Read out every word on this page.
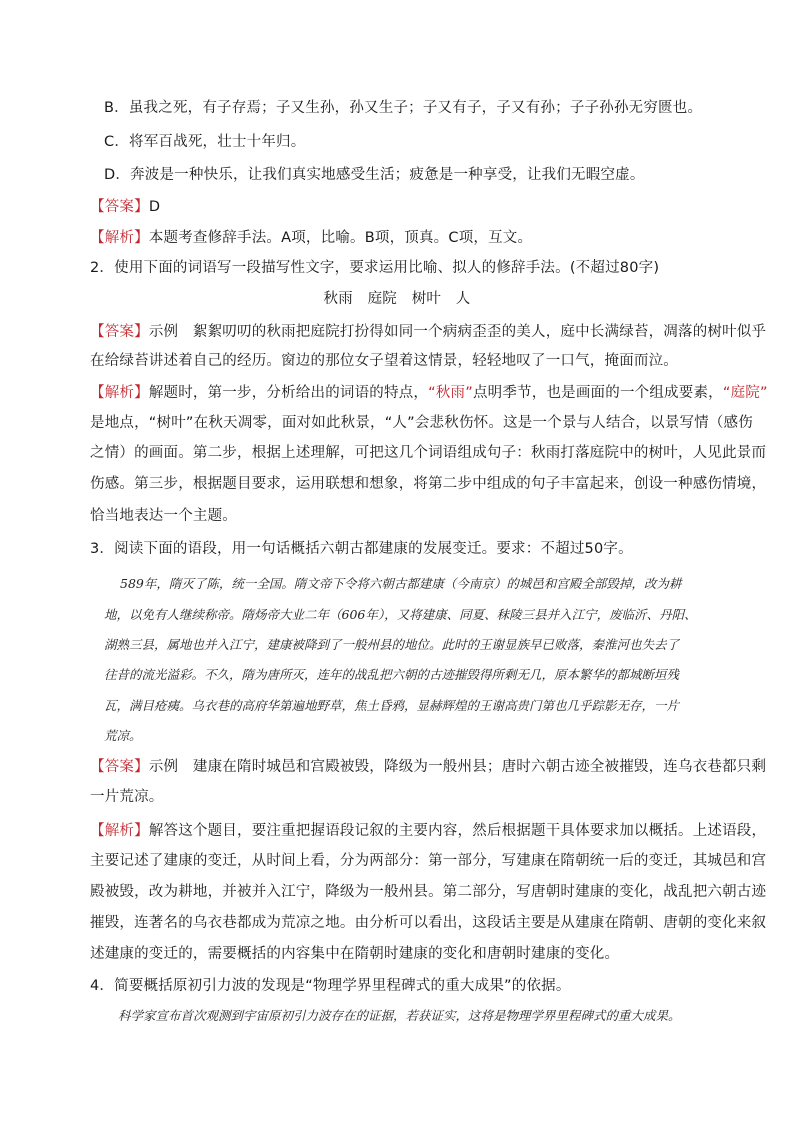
B．虽我之死，有子存焉；子又生孙，孙又生子；子又有子，子又有孙；子子孙孙无穷匮也。
C．将军百战死，壮士十年归。
D．奔波是一种快乐，让我们真实地感受生活；疲惫是一种享受，让我们无暇空虚。
【答案】D
【解析】本题考查修辞手法。A项，比喻。B项，顶真。C项，互文。
2．使用下面的词语写一段描写性文字，要求运用比喻、拟人的修辞手法。(不超过80字)
秋雨　庭院　树叶　人
【答案】示例　絮絮叨叨的秋雨把庭院打扮得如同一个病病歪歪的美人，庭中长满绿苔，凋落的树叶似乎
在给绿苔讲述着自己的经历。窗边的那位女子望着这情景，轻轻地叹了一口气，掩面而泣。
【解析】解题时，第一步，分析给出的词语的特点，“秋雨”点明季节，也是画面的一个组成要素，“庭院”
是地点，“树叶”在秋天凋零，面对如此秋景，“人”会悲秋伤怀。这是一个景与人结合，以景写情（感伤
之情）的画面。第二步，根据上述理解，可把这几个词语组成句子：秋雨打落庭院中的树叶，人见此景而
伤感。第三步，根据题目要求，运用联想和想象，将第二步中组成的句子丰富起来，创设一种感伤情境，
恰当地表达一个主题。
3．阅读下面的语段，用一句话概括六朝古都建康的发展变迁。要求：不超过50字。
589年，隋灭了陈，统一全国。隋文帝下令将六朝古都建康（今南京）的城邑和宫殿全部毁掉，改为耕
地，以免有人继续称帝。隋炀帝大业二年（606年），又将建康、同夏、秣陵三县并入江宁，废临沂、丹阳、
湖熟三县，属地也并入江宁，建康被降到了一般州县的地位。此时的王谢显族早已败落，秦淮河也失去了
往昔的流光溢彩。不久，隋为唐所灭，连年的战乱把六朝的古迹摧毁得所剩无几，原本繁华的都城断垣残
瓦，满目疮痍。乌衣巷的高府华第遍地野草，焦土昏鸦，显赫辉煌的王谢高贵门第也几乎踪影无存，一片
荒凉。
【答案】示例　建康在隋时城邑和宫殿被毁，降级为一般州县；唐时六朝古迹全被摧毁，连乌衣巷都只剩
一片荒凉。
【解析】解答这个题目，要注重把握语段记叙的主要内容，然后根据题干具体要求加以概括。上述语段，
主要记述了建康的变迁，从时间上看，分为两部分：第一部分，写建康在隋朝统一后的变迁，其城邑和宫
殿被毁，改为耕地，并被并入江宁，降级为一般州县。第二部分，写唐朝时建康的变化，战乱把六朝古迹
摧毁，连著名的乌衣巷都成为荒凉之地。由分析可以看出，这段话主要是从建康在隋朝、唐朝的变化来叙
述建康的变迁的，需要概括的内容集中在隋朝时建康的变化和唐朝时建康的变化。
4．简要概括原初引力波的发现是“物理学界里程碑式的重大成果”的依据。
科学家宣布首次观测到宇宙原初引力波存在的证据，若获证实，这将是物理学界里程碑式的重大成果。
